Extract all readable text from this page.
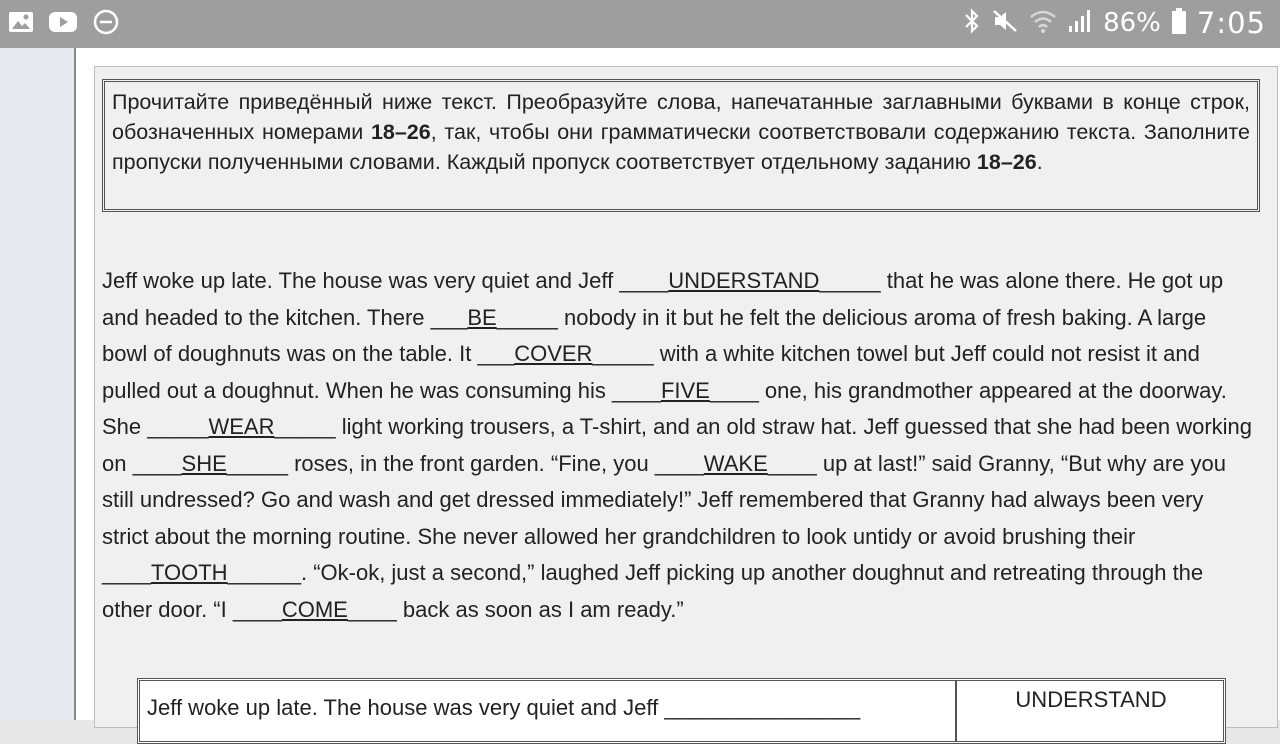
86% 7:05
Прочитайте приведённый ниже текст. Преобразуйте слова, напечатанные заглавными буквами в конце строк, обозначенных номерами 18–26, так, чтобы они грамматически соответствовали содержанию текста. Заполните пропуски полученными словами. Каждый пропуск соответствует отдельному заданию 18–26.
Jeff woke up late. The house was very quiet and Jeff ____UNDERSTAND_____ that he was alone there. He got up and headed to the kitchen. There ___BE_____ nobody in it but he felt the delicious aroma of fresh baking. A large bowl of doughnuts was on the table. It ___COVER_____ with a white kitchen towel but Jeff could not resist it and pulled out a doughnut. When he was consuming his ____FIVE____ one, his grandmother appeared at the doorway. She _____WEAR_____ light working trousers, a T-shirt, and an old straw hat. Jeff guessed that she had been working on ____SHE_____ roses, in the front garden. “Fine, you ____WAKE____ up at last!” said Granny, “But why are you still undressed? Go and wash and get dressed immediately!” Jeff remembered that Granny had always been very strict about the morning routine. She never allowed her grandchildren to look untidy or avoid brushing their ____TOOTH______. “Ok-ok, just a second,” laughed Jeff picking up another doughnut and retreating through the other door. “I ____COME____ back as soon as I am ready.”
Jeff woke up late. The house was very quiet and Jeff ________________	UNDERSTAND
